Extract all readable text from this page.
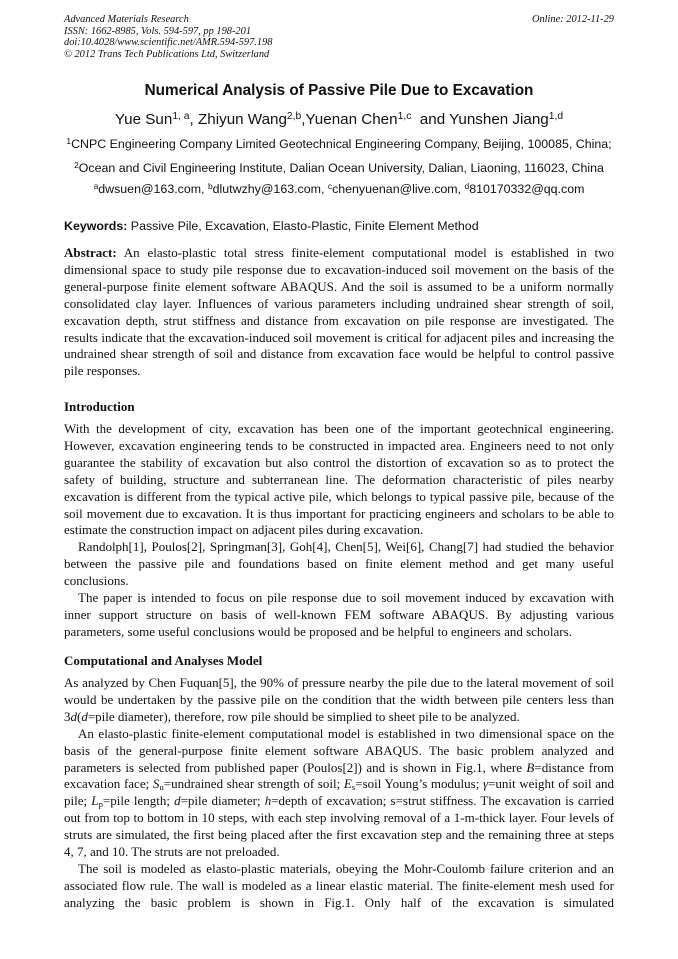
Advanced Materials Research
ISSN: 1662-8985, Vols. 594-597, pp 198-201
doi:10.4028/www.scientific.net/AMR.594-597.198
© 2012 Trans Tech Publications Ltd, Switzerland
Online: 2012-11-29
Numerical Analysis of Passive Pile Due to Excavation
Yue Sun$^{1, a}$, Zhiyun Wang$^{2,b}$,Yuenan Chen$^{1,c}$  and Yunshen Jiang$^{1,d}$
$^1$CNPC Engineering Company Limited Geotechnical Engineering Company, Beijing, 100085, China;
$^2$Ocean and Civil Engineering Institute, Dalian Ocean University, Dalian, Liaoning, 116023, China
$^a$dwsuen@163.com, $^b$dlutwzhy@163.com, $^c$chenyuenan@live.com, $^d$810170332@qq.com
Keywords: Passive Pile, Excavation, Elasto-Plastic, Finite Element Method

Abstract: An elasto-plastic total stress finite-element computational model is established in two dimensional space to study pile response due to excavation-induced soil movement on the basis of the general-purpose finite element software ABAQUS. And the soil is assumed to be a uniform normally consolidated clay layer. Influences of various parameters including undrained shear strength of soil, excavation depth, strut stiffness and distance from excavation on pile response are investigated. The results indicate that the excavation-induced soil movement is critical for adjacent piles and increasing the undrained shear strength of soil and distance from excavation face would be helpful to control passive pile responses.

Introduction

With the development of city, excavation has been one of the important geotechnical engineering. However, excavation engineering tends to be constructed in impacted area. Engineers need to not only guarantee the stability of excavation but also control the distortion of excavation so as to protect the safety of building, structure and subterranean line. The deformation characteristic of piles nearby excavation is different from the typical active pile, which belongs to typical passive pile, because of the soil movement due to excavation. It is thus important for practicing engineers and scholars to be able to estimate the construction impact on adjacent piles during excavation.

Randolph[1], Poulos[2], Springman[3], Goh[4], Chen[5], Wei[6], Chang[7] had studied the behavior between the passive pile and foundations based on finite element method and get many useful conclusions.

The paper is intended to focus on pile response due to soil movement induced by excavation with inner support structure on basis of well-known FEM software ABAQUS. By adjusting various parameters, some useful conclusions would be proposed and be helpful to engineers and scholars.

Computational and Analyses Model

As analyzed by Chen Fuquan[5], the 90% of pressure nearby the pile due to the lateral movement of soil would be undertaken by the passive pile on the condition that the width between pile centers less than 3d(d=pile diameter), therefore, row pile should be simplied to sheet pile to be analyzed.

An elasto-plastic finite-element computational model is established in two dimensional space on the basis of the general-purpose finite element software ABAQUS. The basic problem analyzed and parameters is selected from published paper (Poulos[2]) and is shown in Fig.1, where B=distance from excavation face; $S_u=undrained$ shear strength of soil; $E_s=soil$ Young’s modulus; γ=unit weight of soil and pile; $L_p=pile$ length; d=pile diameter; h=depth of excavation; s=strut stiffness. The excavation is carried out from top to bottom in 10 steps, with each step involving removal of a 1-m-thick layer. Four levels of struts are simulated, the first being placed after the first excavation step and the remaining three at steps 4, 7, and 10. The struts are not preloaded.

The soil is modeled as elasto-plastic materials, obeying the Mohr-Coulomb failure criterion and an associated flow rule. The wall is modeled as a linear elastic material. The finite-element mesh used for analyzing the basic problem is shown in Fig.1. Only half of the excavation is simulated
